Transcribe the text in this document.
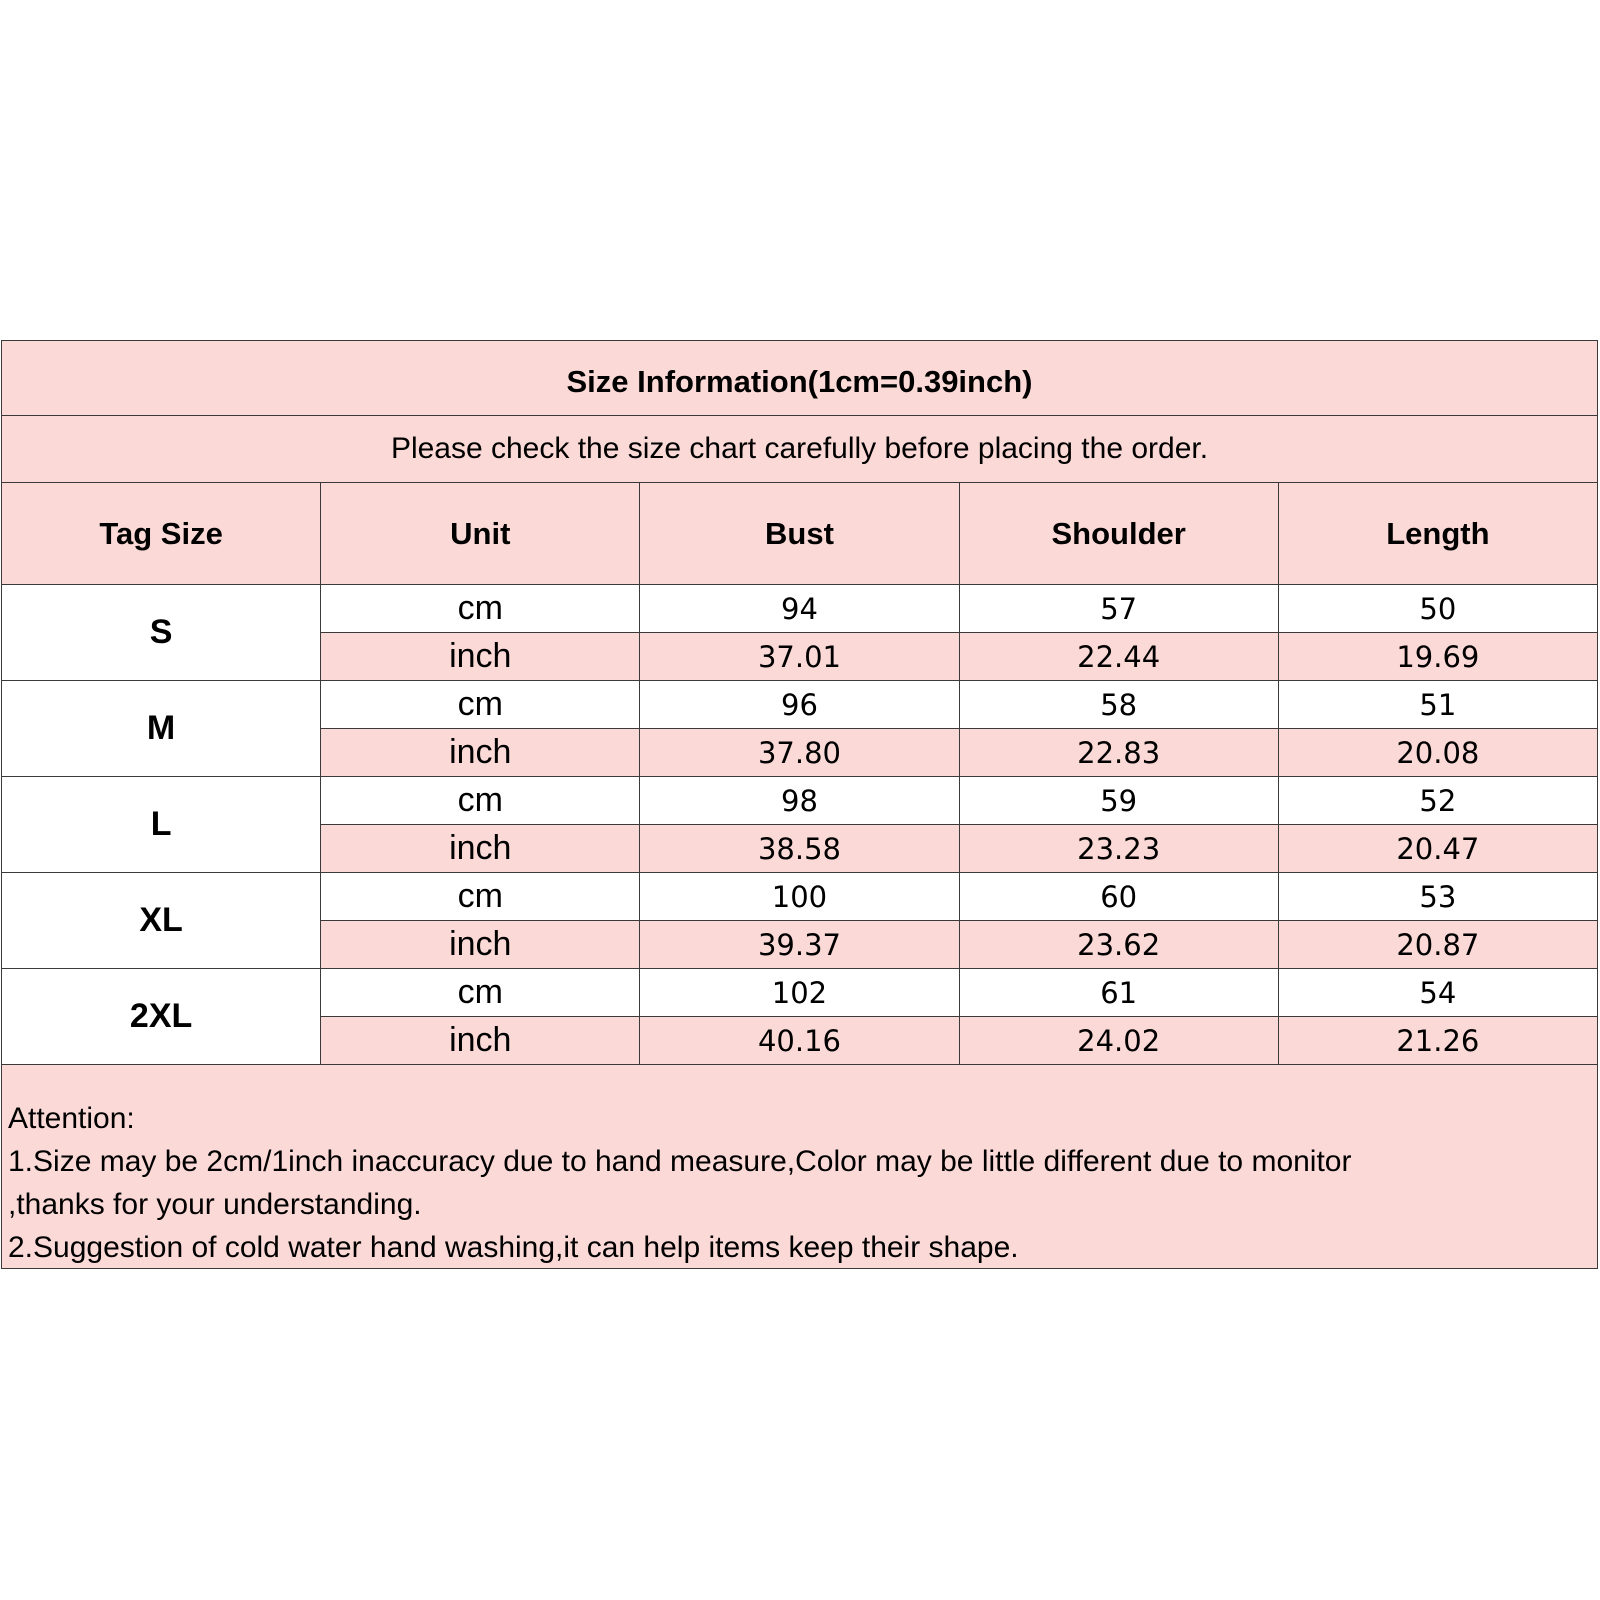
Size Information(1cm=0.39inch)				
Please check the size chart carefully before placing the order.				
Tag Size	Unit	Bust	Shoulder	Length
S	cm	94	57	50
	inch	37.01	22.44	19.69
M	cm	96	58	51
	inch	37.80	22.83	20.08
L	cm	98	59	52
	inch	38.58	23.23	20.47
XL	cm	100	60	53
	inch	39.37	23.62	20.87
2XL	cm	102	61	54
	inch	40.16	24.02	21.26
Attention:
1.Size may be 2cm/1inch inaccuracy due to hand measure,Color may be little different due to monitor
,thanks for your understanding.
2.Suggestion of cold water hand washing,it can help items keep their shape.
